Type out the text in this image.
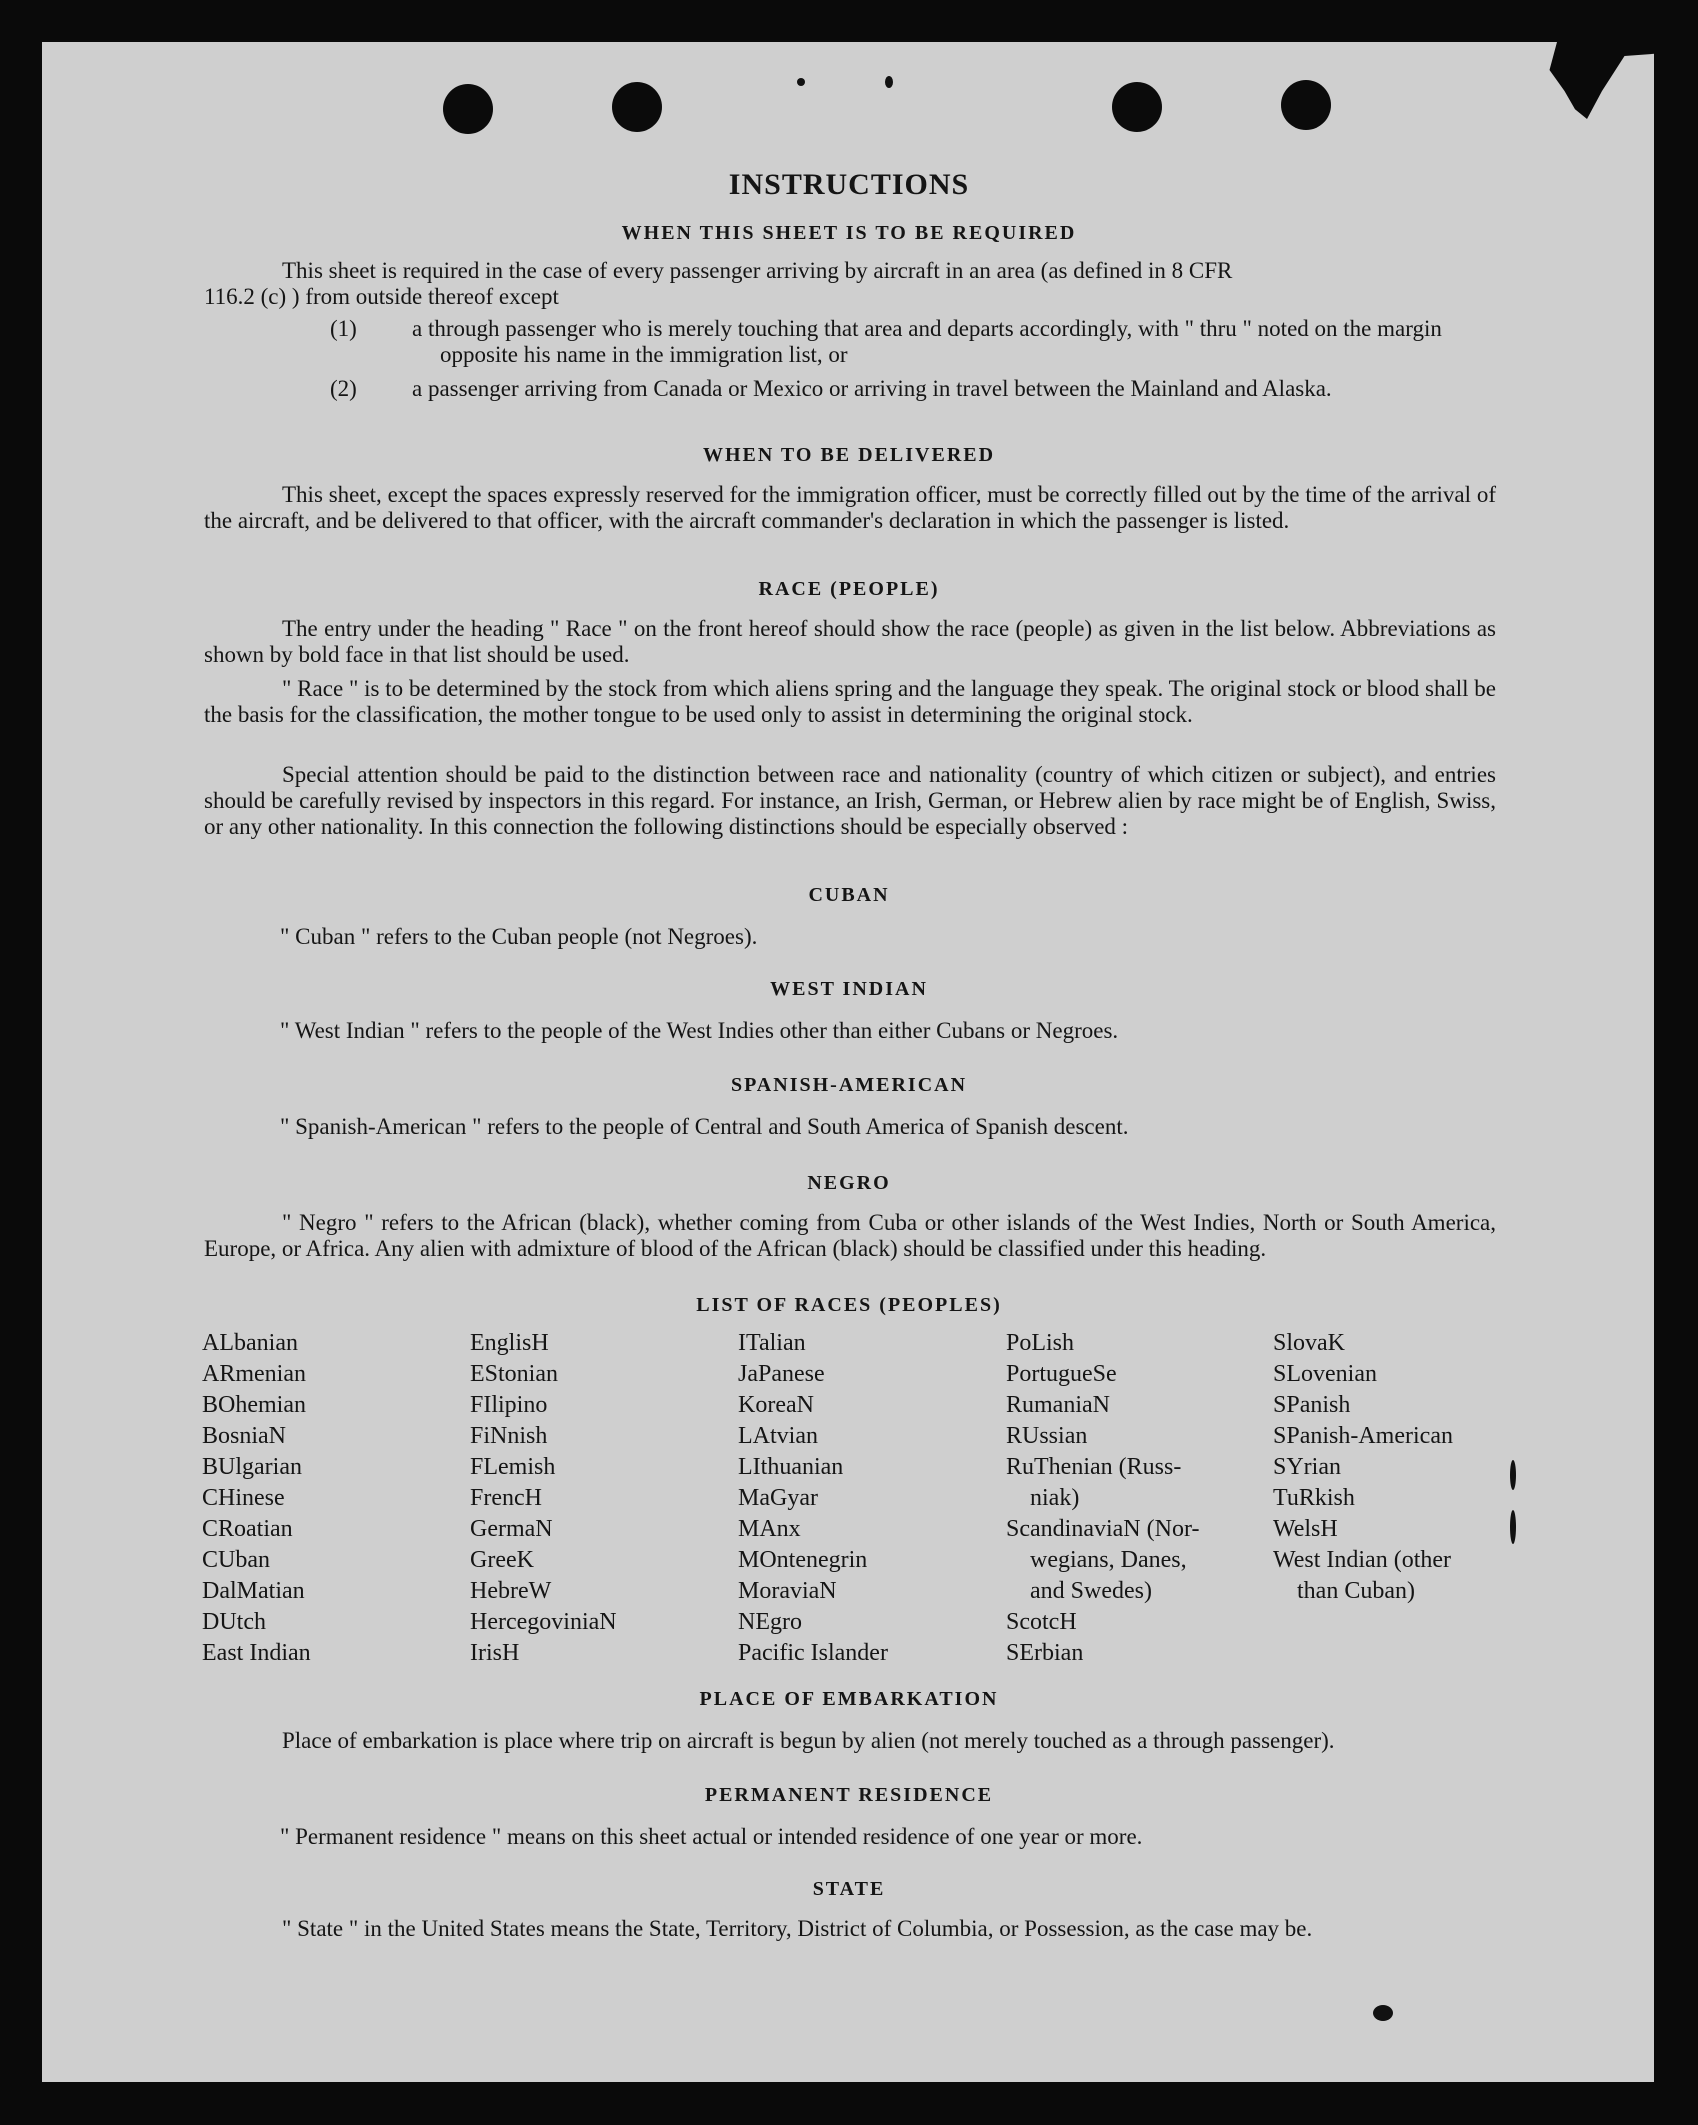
INSTRUCTIONS
WHEN THIS SHEET IS TO BE REQUIRED

This sheet is required in the case of every passenger arriving by aircraft in an area (as defined in 8 CFR

116.2 (c) ) from outside thereof except

(1) a through passenger who is merely touching that area and departs accordingly, with " thru " noted on the margin opposite his name in the immigration list, or

(2) a passenger arriving from Canada or Mexico or arriving in travel between the Mainland and Alaska.

WHEN TO BE DELIVERED

This sheet, except the spaces expressly reserved for the immigration officer, must be correctly filled out by the time of the arrival of the aircraft, and be delivered to that officer, with the aircraft commander's declaration in which the passenger is listed.

RACE (PEOPLE)

The entry under the heading " Race " on the front hereof should show the race (people) as given in the list below. Abbreviations as shown by bold face in that list should be used.

" Race " is to be determined by the stock from which aliens spring and the language they speak. The original stock or blood shall be the basis for the classification, the mother tongue to be used only to assist in determining the original stock.

Special attention should be paid to the distinction between race and nationality (country of which citizen or subject), and entries should be carefully revised by inspectors in this regard. For instance, an Irish, German, or Hebrew alien by race might be of English, Swiss, or any other nationality. In this connection the following distinctions should be especially observed :

CUBAN

" Cuban " refers to the Cuban people (not Negroes).

WEST INDIAN

" West Indian " refers to the people of the West Indies other than either Cubans or Negroes.

SPANISH-AMERICAN

" Spanish-American " refers to the people of Central and South America of Spanish descent.

NEGRO

" Negro " refers to the African (black), whether coming from Cuba or other islands of the West Indies, North or South America, Europe, or Africa. Any alien with admixture of blood of the African (black) should be classified under this heading.

LIST OF RACES (PEOPLES)
ALbanian
ARmenian
BOhemian
BosniaN
BUlgarian
CHinese
CRoatian
CUban
DalMatian
DUtch
East Indian
EnglisH
EStonian
FIlipino
FiNnish
FLemish
FrencH
GermaN
GreeK
HebreW
HercegoviniaN
IrisH
ITalian
JaPanese
KoreaN
LAtvian
LIthuanian
MaGyar
MAnx
MOntenegrin
MoraviaN
NEgro
Pacific Islander
PoLish
PortugueSe
RumaniaN
RUssian
RuThenian (Russ-
niak)
ScandinaviaN (Nor-
wegians, Danes,
and Swedes)
ScotcH
SErbian
SlovaK
SLovenian
SPanish
SPanish-American
SYrian
TuRkish
WelsH
West Indian (other
than Cuban)
PLACE OF EMBARKATION

Place of embarkation is place where trip on aircraft is begun by alien (not merely touched as a through passenger).

PERMANENT RESIDENCE

" Permanent residence " means on this sheet actual or intended residence of one year or more.

STATE

" State " in the United States means the State, Territory, District of Columbia, or Possession, as the case may be.
